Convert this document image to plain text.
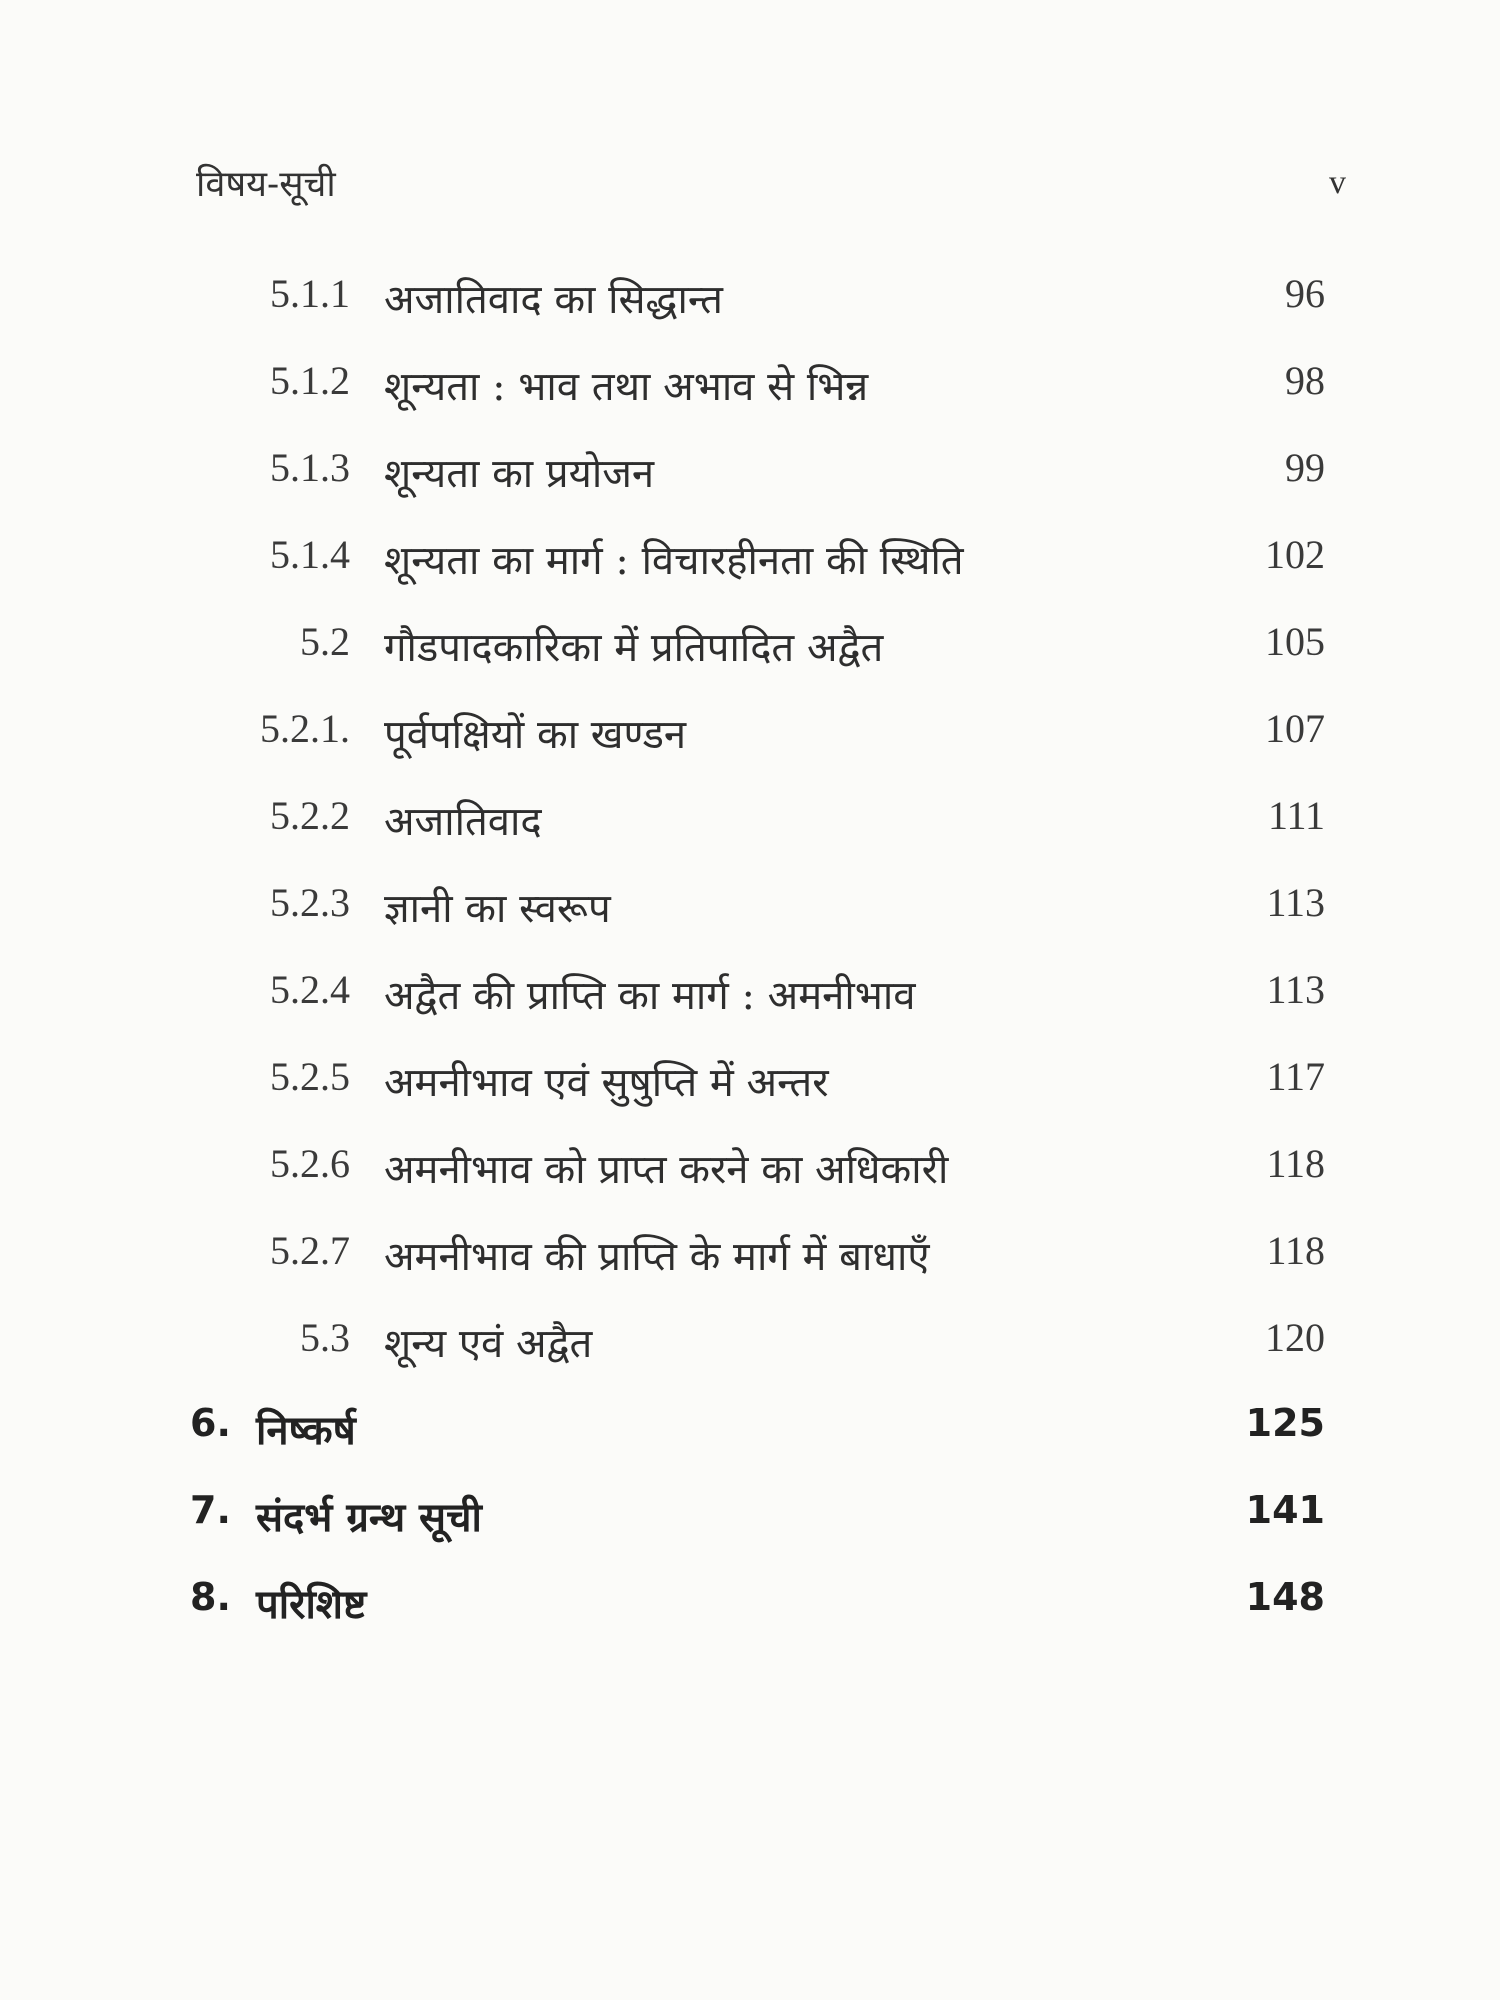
विषय-सूची	v
5.1.1 अजातिवाद का सिद्धान्त	96
5.1.2 शून्यता : भाव तथा अभाव से भिन्न	98
5.1.3 शून्यता का प्रयोजन	99
5.1.4 शून्यता का मार्ग : विचारहीनता की स्थिति	102
5.2 गौडपादकारिका में प्रतिपादित अद्वैत	105
5.2.1. पूर्वपक्षियों का खण्डन	107
5.2.2 अजातिवाद	111
5.2.3 ज्ञानी का स्वरूप	113
5.2.4 अद्वैत की प्राप्ति का मार्ग : अमनीभाव	113
5.2.5 अमनीभाव एवं सुषुप्ति में अन्तर	117
5.2.6 अमनीभाव को प्राप्त करने का अधिकारी	118
5.2.7 अमनीभाव की प्राप्ति के मार्ग में बाधाएँ	118
5.3 शून्य एवं अद्वैत	120
6. निष्कर्ष	125
7. संदर्भ ग्रन्थ सूची	141
8. परिशिष्ट	148
